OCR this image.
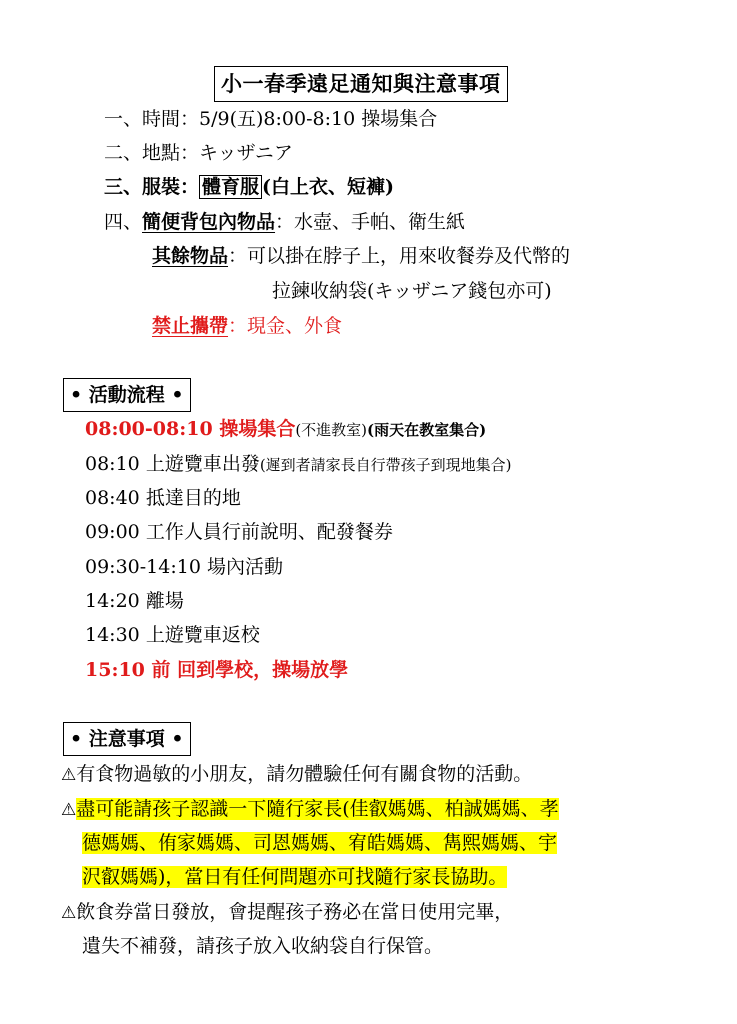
小一春季遠足通知與注意事項
一、時間：5/9(五)8:00-8:10 操場集合
二、地點：キッザニア
三、服裝： 體育服 (白上衣、短褲)
四、簡便背包內物品：水壺、手帕、衛生紙
其餘物品：可以掛在脖子上，用來收餐券及代幣的
拉鍊收納袋(キッザニア錢包亦可)
禁止攜帶：現金、外食
• 活動流程 •
08:00-08:10 操場集合(不進教室)(雨天在教室集合)
08:10 上遊覽車出發(遲到者請家長自行帶孩子到現地集合)
08:40 抵達目的地
09:00 工作人員行前說明、配發餐券
09:30-14:10 場內活動
14:20 離場
14:30 上遊覽車返校
15:10 前 回到學校，操場放學
• 注意事項 •
⚠有食物過敏的小朋友，請勿體驗任何有關食物的活動。
⚠盡可能請孩子認識一下隨行家長(佳叡媽媽、柏誠媽媽、孝
德媽媽、侑家媽媽、司恩媽媽、宥皓媽媽、雋熙媽媽、宇
沢叡媽媽)，當日有任何問題亦可找隨行家長協助。
⚠飲食券當日發放，會提醒孩子務必在當日使用完畢，
遺失不補發，請孩子放入收納袋自行保管。
